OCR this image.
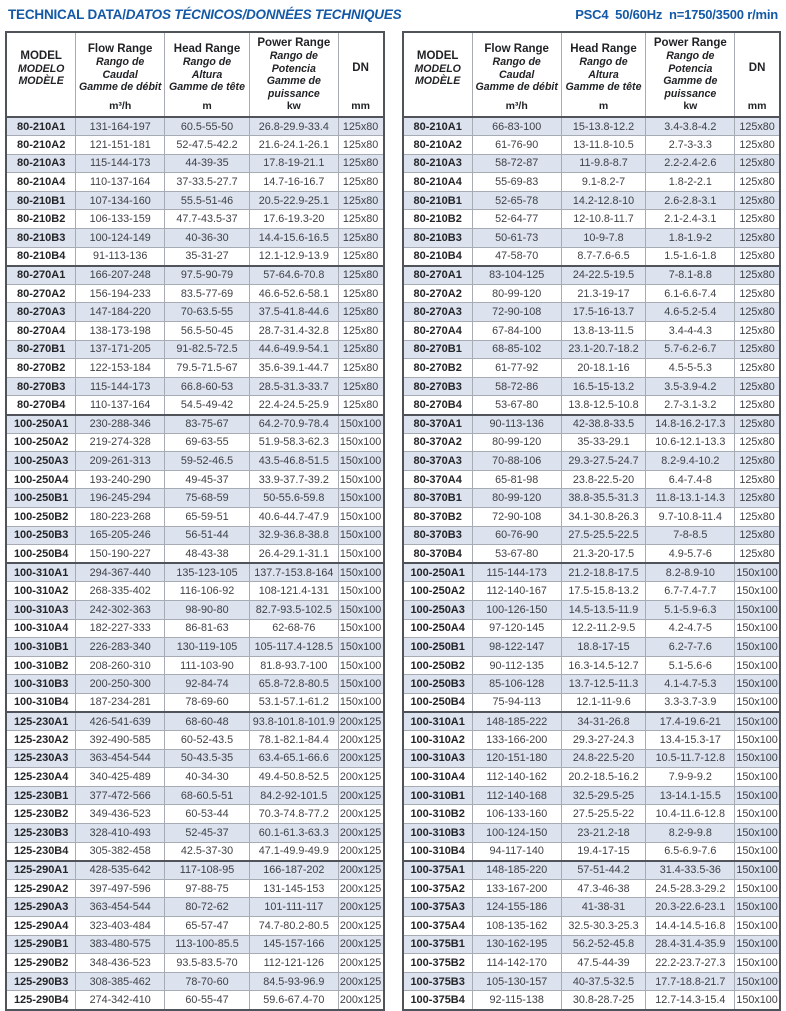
TECHNICAL DATA/DATOS TÉCNICOS/DONNÉES TECHNIQUES	PSC4  50/60Hz  n=1750/3500 r/min
MODEL
MODELO
MODÈLE

Flow Range
Rango de Caudal
Gamme de débit
m³/h

Head Range
Rango de Altura
Gamme de tête
m

Power Range
Rango de Potencia
Gamme de puissance
kw

DN
mm

80-210A1	131-164-197	60.5-55-50	26.8-29.9-33.4	125x80
80-210A2	121-151-181	52-47.5-42.2	21.6-24.1-26.1	125x80
80-210A3	115-144-173	44-39-35	17.8-19-21.1	125x80
80-210A4	110-137-164	37-33.5-27.7	14.7-16-16.7	125x80
80-210B1	107-134-160	55.5-51-46	20.5-22.9-25.1	125x80
80-210B2	106-133-159	47.7-43.5-37	17.6-19.3-20	125x80
80-210B3	100-124-149	40-36-30	14.4-15.6-16.5	125x80
80-210B4	91-113-136	35-31-27	12.1-12.9-13.9	125x80
80-270A1	166-207-248	97.5-90-79	57-64.6-70.8	125x80
80-270A2	156-194-233	83.5-77-69	46.6-52.6-58.1	125x80
80-270A3	147-184-220	70-63.5-55	37.5-41.8-44.6	125x80
80-270A4	138-173-198	56.5-50-45	28.7-31.4-32.8	125x80
80-270B1	137-171-205	91-82.5-72.5	44.6-49.9-54.1	125x80
80-270B2	122-153-184	79.5-71.5-67	35.6-39.1-44.7	125x80
80-270B3	115-144-173	66.8-60-53	28.5-31.3-33.7	125x80
80-270B4	110-137-164	54.5-49-42	22.4-24.5-25.9	125x80
100-250A1	230-288-346	83-75-67	64.2-70.9-78.4	150x100
100-250A2	219-274-328	69-63-55	51.9-58.3-62.3	150x100
100-250A3	209-261-313	59-52-46.5	43.5-46.8-51.5	150x100
100-250A4	193-240-290	49-45-37	33.9-37.7-39.2	150x100
100-250B1	196-245-294	75-68-59	50-55.6-59.8	150x100
100-250B2	180-223-268	65-59-51	40.6-44.7-47.9	150x100
100-250B3	165-205-246	56-51-44	32.9-36.8-38.8	150x100
100-250B4	150-190-227	48-43-38	26.4-29.1-31.1	150x100
100-310A1	294-367-440	135-123-105	137.7-153.8-164	150x100
100-310A2	268-335-402	116-106-92	108-121.4-131	150x100
100-310A3	242-302-363	98-90-80	82.7-93.5-102.5	150x100
100-310A4	182-227-333	86-81-63	62-68-76	150x100
100-310B1	226-283-340	130-119-105	105-117.4-128.5	150x100
100-310B2	208-260-310	111-103-90	81.8-93.7-100	150x100
100-310B3	200-250-300	92-84-74	65.8-72.8-80.5	150x100
100-310B4	187-234-281	78-69-60	53.1-57.1-61.2	150x100
125-230A1	426-541-639	68-60-48	93.8-101.8-101.9	200x125
125-230A2	392-490-585	60-52-43.5	78.1-82.1-84.4	200x125
125-230A3	363-454-544	50-43.5-35	63.4-65.1-66.6	200x125
125-230A4	340-425-489	40-34-30	49.4-50.8-52.5	200x125
125-230B1	377-472-566	68-60.5-51	84.2-92-101.5	200x125
125-230B2	349-436-523	60-53-44	70.3-74.8-77.2	200x125
125-230B3	328-410-493	52-45-37	60.1-61.3-63.3	200x125
125-230B4	305-382-458	42.5-37-30	47.1-49.9-49.9	200x125
125-290A1	428-535-642	117-108-95	166-187-202	200x125
125-290A2	397-497-596	97-88-75	131-145-153	200x125
125-290A3	363-454-544	80-72-62	101-111-117	200x125
125-290A4	323-403-484	65-57-47	74.7-80.2-80.5	200x125
125-290B1	383-480-575	113-100-85.5	145-157-166	200x125
125-290B2	348-436-523	93.5-83.5-70	112-121-126	200x125
125-290B3	308-385-462	78-70-60	84.5-93-96.9	200x125
125-290B4	274-342-410	60-55-47	59.6-67.4-70	200x125
MODEL
MODELO
MODÈLE

Flow Range
Rango de Caudal
Gamme de débit
m³/h

Head Range
Rango de Altura
Gamme de tête
m

Power Range
Rango de Potencia
Gamme de puissance
kw

DN
mm

80-210A1	66-83-100	15-13.8-12.2	3.4-3.8-4.2	125x80
80-210A2	61-76-90	13-11.8-10.5	2.7-3-3.3	125x80
80-210A3	58-72-87	11-9.8-8.7	2.2-2.4-2.6	125x80
80-210A4	55-69-83	9.1-8.2-7	1.8-2-2.1	125x80
80-210B1	52-65-78	14.2-12.8-10	2.6-2.8-3.1	125x80
80-210B2	52-64-77	12-10.8-11.7	2.1-2.4-3.1	125x80
80-210B3	50-61-73	10-9-7.8	1.8-1.9-2	125x80
80-210B4	47-58-70	8.7-7.6-6.5	1.5-1.6-1.8	125x80
80-270A1	83-104-125	24-22.5-19.5	7-8.1-8.8	125x80
80-270A2	80-99-120	21.3-19-17	6.1-6.6-7.4	125x80
80-270A3	72-90-108	17.5-16-13.7	4.6-5.2-5.4	125x80
80-270A4	67-84-100	13.8-13-11.5	3.4-4-4.3	125x80
80-270B1	68-85-102	23.1-20.7-18.2	5.7-6.2-6.7	125x80
80-270B2	61-77-92	20-18.1-16	4.5-5-5.3	125x80
80-270B3	58-72-86	16.5-15-13.2	3.5-3.9-4.2	125x80
80-270B4	53-67-80	13.8-12.5-10.8	2.7-3.1-3.2	125x80
80-370A1	90-113-136	42-38.8-33.5	14.8-16.2-17.3	125x80
80-370A2	80-99-120	35-33-29.1	10.6-12.1-13.3	125x80
80-370A3	70-88-106	29.3-27.5-24.7	8.2-9.4-10.2	125x80
80-370A4	65-81-98	23.8-22.5-20	6.4-7.4-8	125x80
80-370B1	80-99-120	38.8-35.5-31.3	11.8-13.1-14.3	125x80
80-370B2	72-90-108	34.1-30.8-26.3	9.7-10.8-11.4	125x80
80-370B3	60-76-90	27.5-25.5-22.5	7-8-8.5	125x80
80-370B4	53-67-80	21.3-20-17.5	4.9-5.7-6	125x80
100-250A1	115-144-173	21.2-18.8-17.5	8.2-8.9-10	150x100
100-250A2	112-140-167	17.5-15.8-13.2	6.7-7.4-7.7	150x100
100-250A3	100-126-150	14.5-13.5-11.9	5.1-5.9-6.3	150x100
100-250A4	97-120-145	12.2-11.2-9.5	4.2-4.7-5	150x100
100-250B1	98-122-147	18.8-17-15	6.2-7-7.6	150x100
100-250B2	90-112-135	16.3-14.5-12.7	5.1-5.6-6	150x100
100-250B3	85-106-128	13.7-12.5-11.3	4.1-4.7-5.3	150x100
100-250B4	75-94-113	12.1-11-9.6	3.3-3.7-3.9	150x100
100-310A1	148-185-222	34-31-26.8	17.4-19.6-21	150x100
100-310A2	133-166-200	29.3-27-24.3	13.4-15.3-17	150x100
100-310A3	120-151-180	24.8-22.5-20	10.5-11.7-12.8	150x100
100-310A4	112-140-162	20.2-18.5-16.2	7.9-9-9.2	150x100
100-310B1	112-140-168	32.5-29.5-25	13-14.1-15.5	150x100
100-310B2	106-133-160	27.5-25.5-22	10.4-11.6-12.8	150x100
100-310B3	100-124-150	23-21.2-18	8.2-9-9.8	150x100
100-310B4	94-117-140	19.4-17-15	6.5-6.9-7.6	150x100
100-375A1	148-185-220	57-51-44.2	31.4-33.5-36	150x100
100-375A2	133-167-200	47.3-46-38	24.5-28.3-29.2	150x100
100-375A3	124-155-186	41-38-31	20.3-22.6-23.1	150x100
100-375A4	108-135-162	32.5-30.3-25.3	14.4-14.5-16.8	150x100
100-375B1	130-162-195	56.2-52-45.8	28.4-31.4-35.9	150x100
100-375B2	114-142-170	47.5-44-39	22.2-23.7-27.3	150x100
100-375B3	105-130-157	40-37.5-32.5	17.7-18.8-21.7	150x100
100-375B4	92-115-138	30.8-28.7-25	12.7-14.3-15.4	150x100
